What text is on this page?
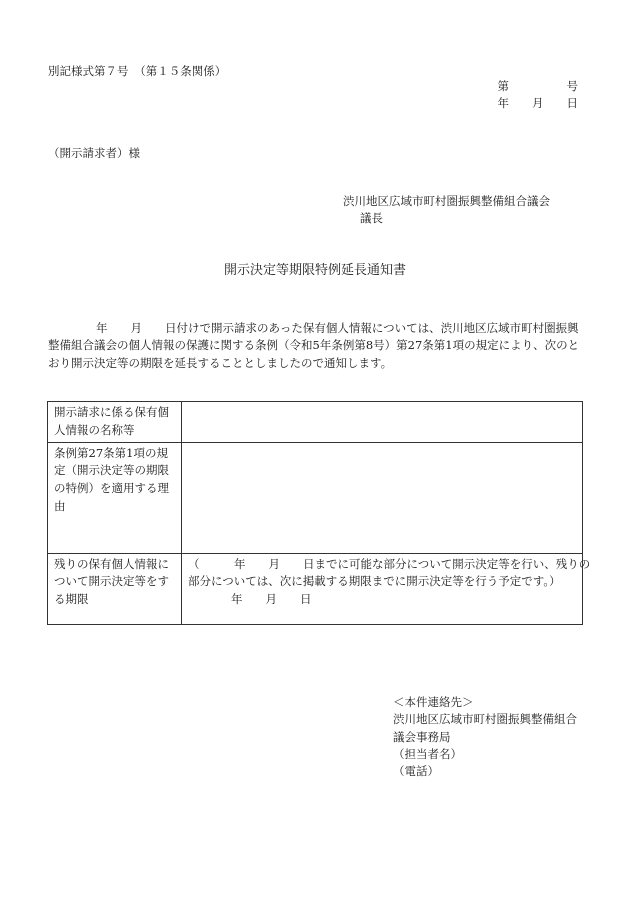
別記様式第７号　（第１５条関係）
第　　　　　号
年　　月　　日
（開示請求者）様
渋川地区広域市町村圏振興整備組合議会
議長
開示決定等期限特例延長通知書
年　　月　　日付けで開示請求のあった保有個人情報については、渋川地区広域市町村圏振興整備組合議会の個人情報の保護に関する条例（令和5年条例第8号）第27条第1項の規定により、次のとおり開示決定等の期限を延長することとしましたので通知します。
開示請求に係る保有個人情報の名称等	
条例第27条第1項の規定（開示決定等の期限の特例）を適用する理由	
残りの保有個人情報について開示決定等をする期限	（　　　年　　月　　日までに可能な部分について開示決定等を行い、残りの
部分については、次に掲載する期限までに開示決定等を行う予定です。）
年　　月　　日
＜本件連絡先＞
渋川地区広域市町村圏振興整備組合
議会事務局
（担当者名）
（電話）
